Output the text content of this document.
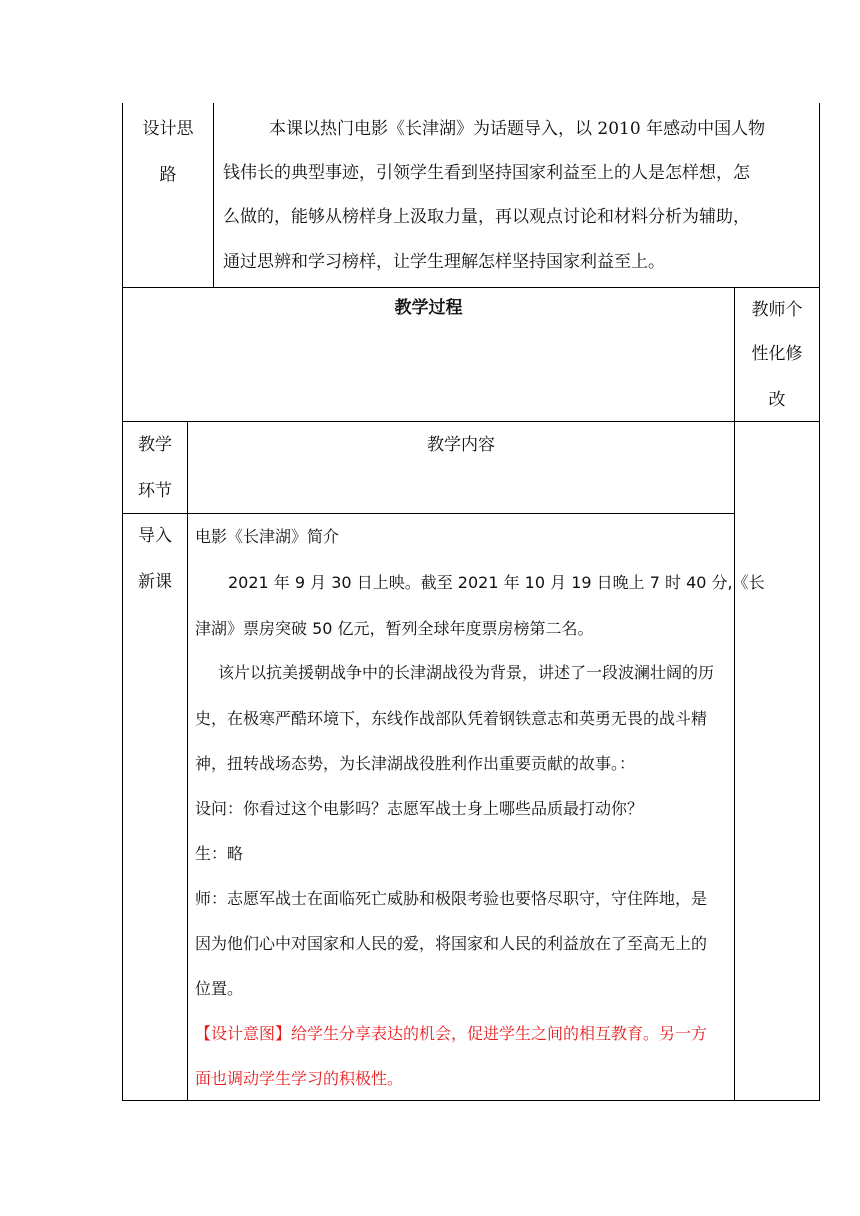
设计思
路
本课以热门电影《长津湖》为话题导入，以 2010 年感动中国人物
钱伟长的典型事迹，引领学生看到坚持国家利益至上的人是怎样想，怎
么做的，能够从榜样身上汲取力量，再以观点讨论和材料分析为辅助，
通过思辨和学习榜样，让学生理解怎样坚持国家利益至上。
教学过程	教师个
性化修
改
教学
环节
教学内容
导入
新课
电影《长津湖》简介
2021 年 9 月 30 日上映。截至 2021 年 10 月 19 日晚上 7 时 40 分,《长
津湖》票房突破 50 亿元，暂列全球年度票房榜第二名。
该片以抗美援朝战争中的长津湖战役为背景，讲述了一段波澜壮阔的历
史，在极寒严酷环境下，东线作战部队凭着钢铁意志和英勇无畏的战斗精
神，扭转战场态势，为长津湖战役胜利作出重要贡献的故事。：
设问：你看过这个电影吗？志愿军战士身上哪些品质最打动你？
生：略
师：志愿军战士在面临死亡威胁和极限考验也要恪尽职守，守住阵地，是
因为他们心中对国家和人民的爱，将国家和人民的利益放在了至高无上的
位置。
【设计意图】给学生分享表达的机会，促进学生之间的相互教育。另一方
面也调动学生学习的积极性。
